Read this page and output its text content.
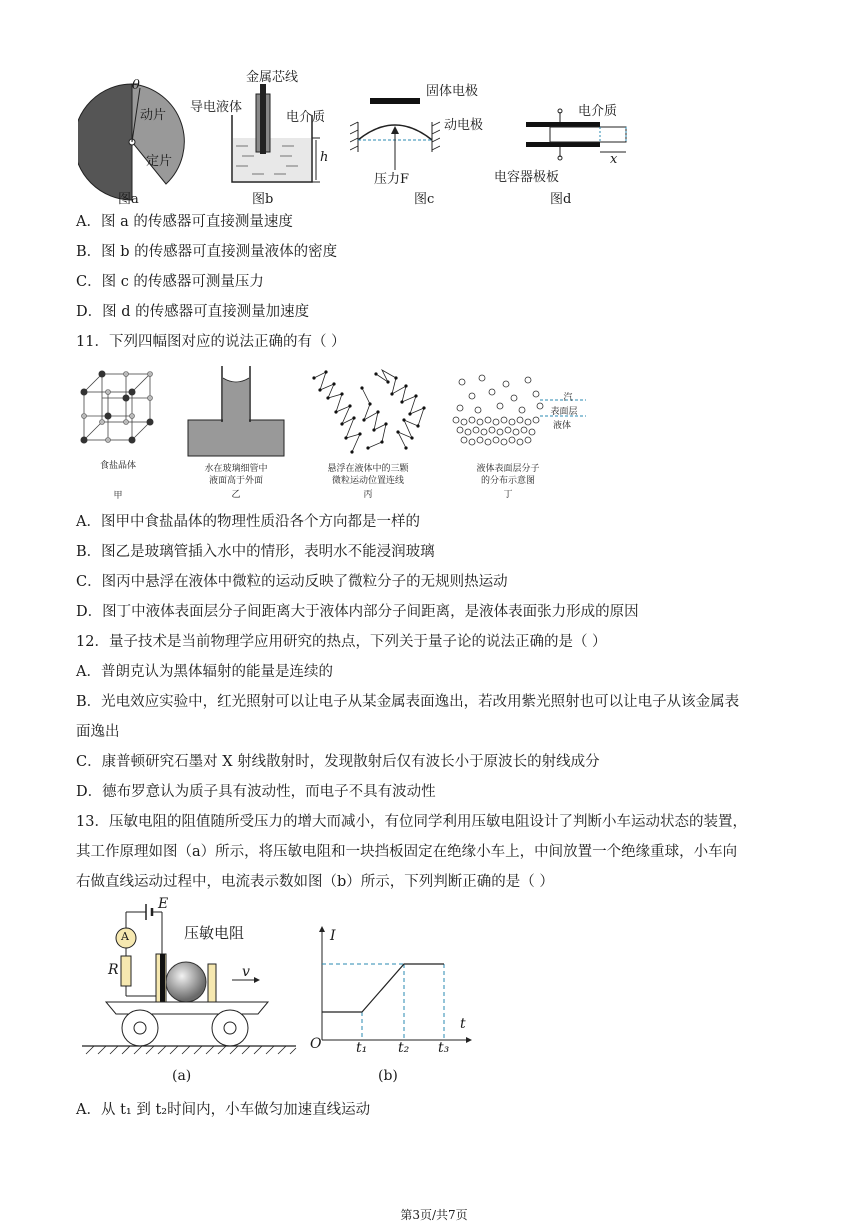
θ
动片
定片
图a
金属芯线
导电液体
电介质
h
图b
固体电极
动电极
压力F
图c
电介质
电容器极板
x
图d
A．图 a 的传感器可直接测量速度
B．图 b 的传感器可直接测量液体的密度
C．图 c 的传感器可测量压力
D．图 d 的传感器可直接测量加速度
11．下列四幅图对应的说法正确的有（ ）
食盐晶体
甲
水在玻璃细管中
液面高于外面
乙
悬浮在液体中的三颗
微粒运动位置连线
丙
汽
表面层
液体
液体表面层分子
的分布示意图
丁
A．图甲中食盐晶体的物理性质沿各个方向都是一样的
B．图乙是玻璃管插入水中的情形，表明水不能浸润玻璃
C．图丙中悬浮在液体中微粒的运动反映了微粒分子的无规则热运动
D．图丁中液体表面层分子间距离大于液体内部分子间距离，是液体表面张力形成的原因
12．量子技术是当前物理学应用研究的热点，下列关于量子论的说法正确的是（ ）
A．普朗克认为黑体辐射的能量是连续的
B．光电效应实验中，红光照射可以让电子从某金属表面逸出，若改用紫光照射也可以让电子从该金属表
面逸出
C．康普顿研究石墨对 X 射线散射时，发现散射后仅有波长小于原波长的射线成分
D．德布罗意认为质子具有波动性，而电子不具有波动性
13．压敏电阻的阻值随所受压力的增大而减小，有位同学利用压敏电阻设计了判断小车运动状态的装置，
其工作原理如图（a）所示，将压敏电阻和一块挡板固定在绝缘小车上，中间放置一个绝缘重球，小车向
右做直线运动过程中，电流表示数如图（b）所示，下列判断正确的是（ ）
E
A
R
压敏电阻
v
(a)
I
t
O t₁ t₂ t₃
(b)
A．从 t₁ 到 t₂时间内，小车做匀加速直线运动
第3页/共7页
